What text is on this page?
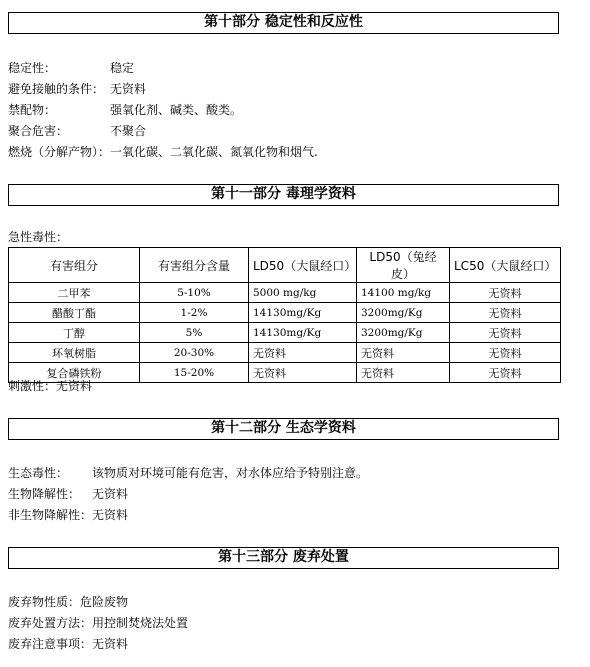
第十部分 稳定性和反应性
稳定性：	稳定
避免接触的条件： 无资料
禁配物：	强氧化剂、碱类、酸类。
聚合危害：	不聚合
燃烧（分解产物）：一氧化碳、二氧化碳、氮氧化物和烟气.
第十一部分 毒理学资料
急性毒性：
有害组分	有害组分含量	LD50（大鼠经口）	LD50（兔经皮）	LC50（大鼠经口）
二甲苯	5-10%	5000 mg/kg	14100 mg/kg	无资料
醋酸丁酯	1-2%	14130mg/Kg	3200mg/Kg	无资料
丁醇	5%	14130mg/Kg	3200mg/Kg	无资料
环氧树脂	20-30%	无资料	无资料	无资料
复合磷铁粉	15-20%	无资料	无资料	无资料
刺激性：无资料
第十二部分 生态学资料
生态毒性： 该物质对环境可能有危害，对水体应给予特别注意。
生物降解性： 无资料
非生物降解性： 无资料
第十三部分 废弃处置
废弃物性质：危险废物
废弃处置方法：用控制焚烧法处置
废弃注意事项：无资料
